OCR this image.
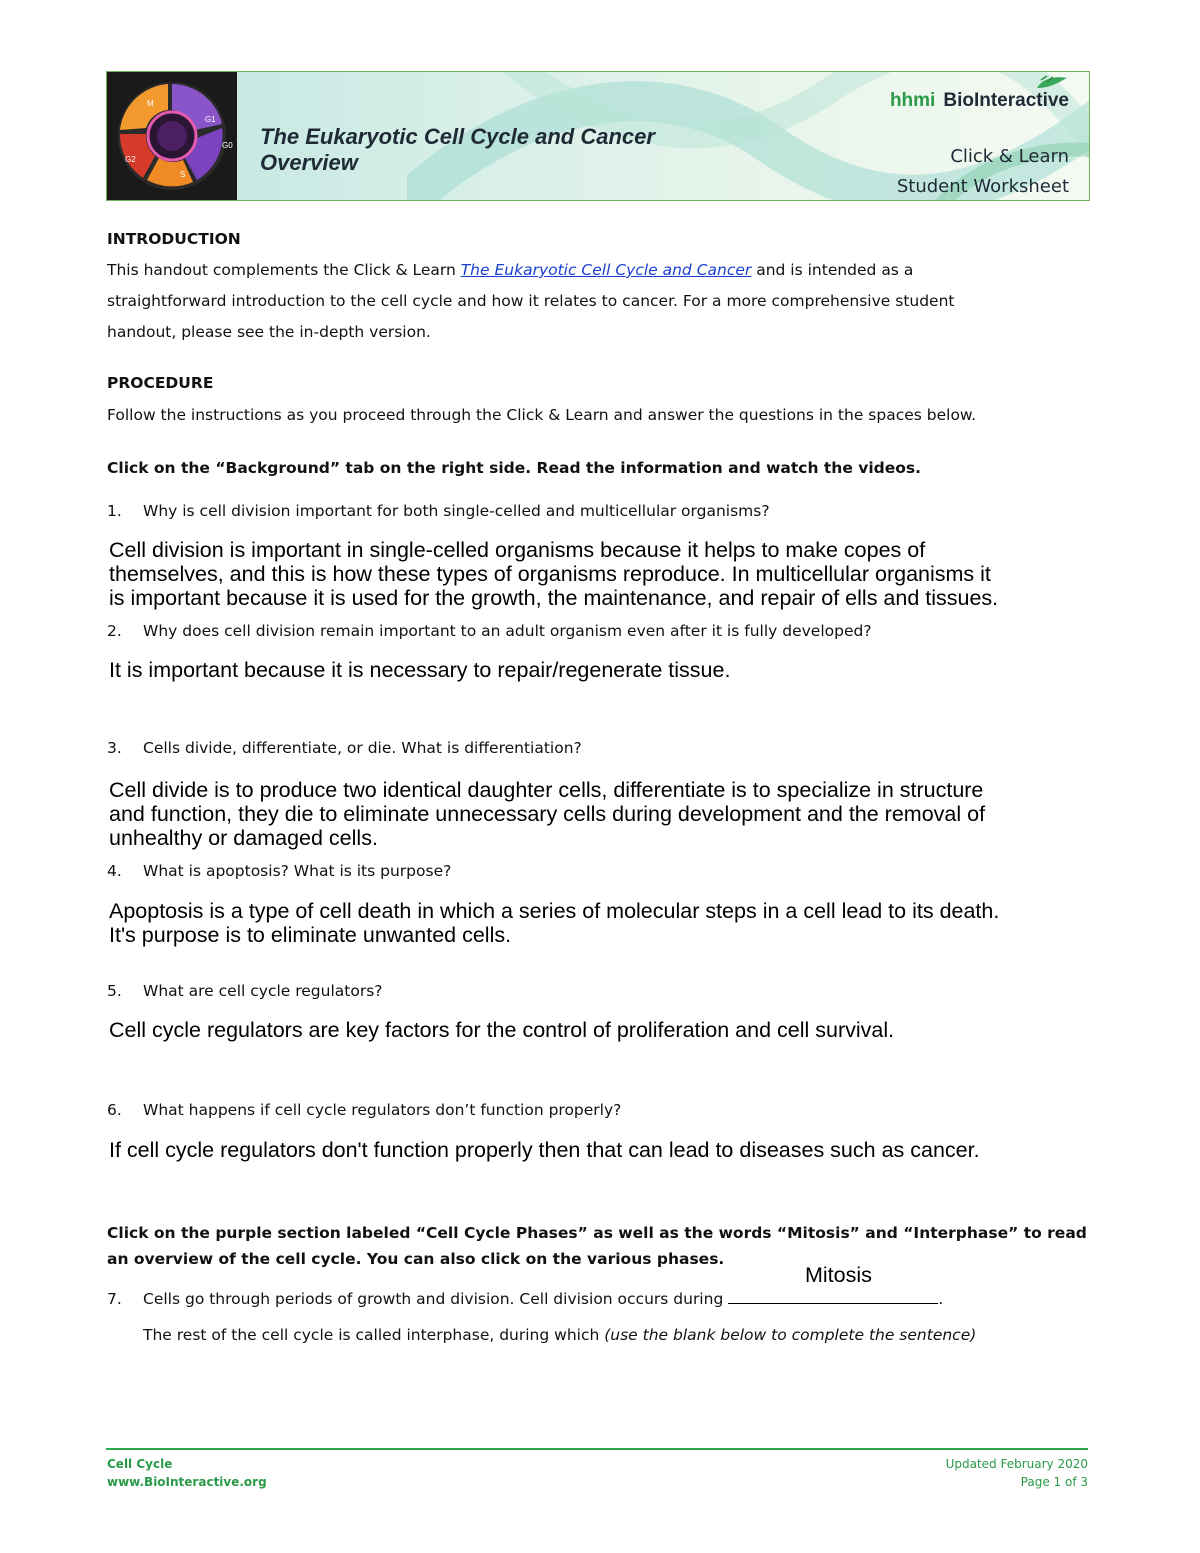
M
G1
G0
S
G2
The Eukaryotic Cell Cycle and Cancer
Overview
hhmi BioInteractive
Click & Learn
Student Worksheet
INTRODUCTION
This handout complements the Click & Learn The Eukaryotic Cell Cycle and Cancer and is intended as a
straightforward introduction to the cell cycle and how it relates to cancer. For a more comprehensive student
handout, please see the in-depth version.
PROCEDURE
Follow the instructions as you proceed through the Click & Learn and answer the questions in the spaces below.
Click on the “Background” tab on the right side. Read the information and watch the videos.
1. Why is cell division important for both single-celled and multicellular organisms?
Cell division is important in single-celled organisms because it helps to make copes of
themselves, and this is how these types of organisms reproduce. In multicellular organisms it
is important because it is used for the growth, the maintenance, and repair of ells and tissues.
2. Why does cell division remain important to an adult organism even after it is fully developed?
It is important because it is necessary to repair/regenerate tissue.
3. Cells divide, differentiate, or die. What is differentiation?
Cell divide is to produce two identical daughter cells, differentiate is to specialize in structure
and function, they die to eliminate unnecessary cells during development and the removal of
unhealthy or damaged cells.
4. What is apoptosis? What is its purpose?
Apoptosis is a type of cell death in which a series of molecular steps in a cell lead to its death.
It's purpose is to eliminate unwanted cells.
5. What are cell cycle regulators?
Cell cycle regulators are key factors for the control of proliferation and cell survival.
6. What happens if cell cycle regulators don’t function properly?
If cell cycle regulators don't function properly then that can lead to diseases such as cancer.
Click on the purple section labeled “Cell Cycle Phases” as well as the words “Mitosis” and “Interphase” to read
an overview of the cell cycle. You can also click on the various phases.
Mitosis
7. Cells go through periods of growth and division. Cell division occurs during	.
The rest of the cell cycle is called interphase, during which (use the blank below to complete the sentence)
Cell Cycle
www.BioInteractive.org
Updated February 2020
Page 1 of 3
